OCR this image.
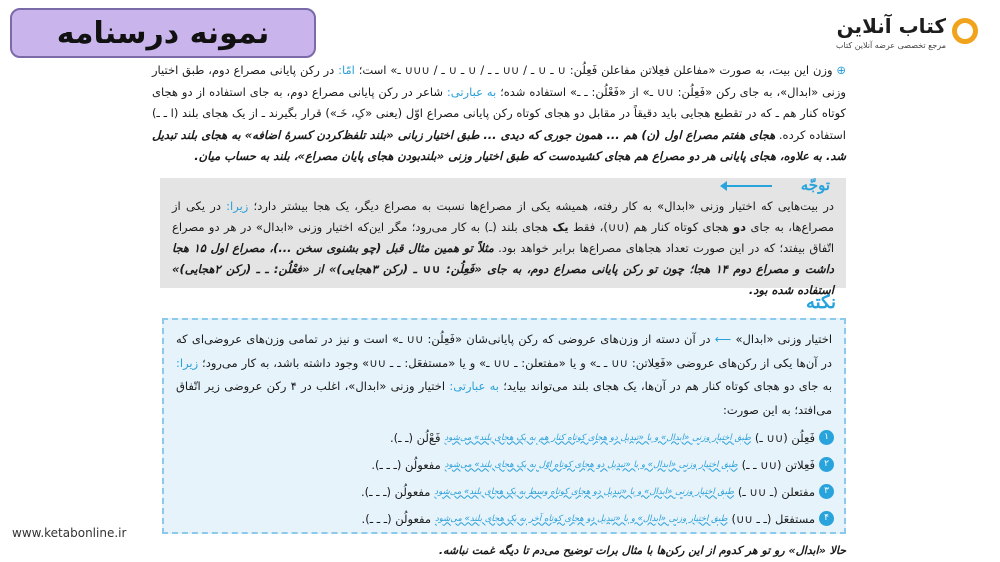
نمونه درسنامه	كتاب آنلاين
مرجع تخصصی عرضه آنلاین کتاب
⊕ وزن این بیت، به صورت «مفاعلن فعِلاتن مفاعلن فَعِلُن: ∪ ـ ∪ ـ / ∪∪ ـ ـ / ∪ ـ ∪ ـ / ∪∪∪ ـ» است؛ امّا: در رکن پایانی مصراع دوم، طبق اختیار وزنی «ابدال»، به جای رکن «فَعِلُن: ∪∪ ـ» از «فَعْلُن: ـ ـ» استفاده شده؛ به عبارتی: شاعر در رکن پایانی مصراع دوم، به جای استفاده از دو هجای کوتاه کنار هم ـ که در تقطیع هجایی باید دقیقاً در مقابل دو هجای کوتاه رکن پایانی مصراع اوّل (یعنی «کِ، خَـ») قرار بگیرند ـ از یک هجای بلند (ا ـ ـ) استفاده کرده. هجای هفتم مصراع اول (ن) هم ... همون جوری که دیدی ... طبق اختیار زبانی «بلند تلفظ‌کردن کسرهٔ اضافه» به هجای بلند تبدیل شد. به علاوه، هجای پایانی هر دو مصراع هم هجای کشیده‌ست که طبق اختیار وزنی «بلندبودن هجای پایان مصراع»، بلند به حساب میان.
توجّه
در بیت‌هایی که اختیار وزنی «ابدال» به کار رفته، همیشه یکی از مصراع‌ها نسبت به مصراع دیگر، یک هجا بیشتر دارد؛ زیرا: در یکی از مصراع‌ها، به جای دو هجای کوتاه کنار هم (∪∪)، فقط یک هجای بلند (ـ) به کار می‌رود؛ مگر این‌که اختیار وزنی «ابدال» در هر دو مصراع اتّفاق بیفتد؛ که در این صورت تعداد هجاهای مصراع‌ها برابر خواهد بود. مثلاً تو همین مثال قبل (چو بشنوی سخن ...)، مصراع اول ۱۵ هجا داشت و مصراع دوم ۱۴ هجا؛ چون تو رکن پایانی مصراع دوم، به جای «فَعِلُن: ∪∪ ـ (رکن ۳هجایی)» از «فعْلُن: ـ ـ (رکن ۲هجایی)» استفاده شده بود.
نکته
اختیار وزنی «ابدال» ⟵ در آن دسته از وزن‌های عروضی که رکن پایانی‌شان «فَعِلُن: ∪∪ ـ» است و نیز در تمامی وزن‌های عروضی‌ای که در آن‌ها یکی از رکن‌های عروضی «فَعِلاتن: ∪∪ ـ ـ» و یا «مفتعلن: ـ ∪∪ ـ» و یا «مستفعَل: ـ ـ ∪∪» وجود داشته باشد، به کار می‌رود؛ زیرا: به جای دو هجای کوتاه کنار هم در آن‌ها، یک هجای بلند می‌تواند بیاید؛ به عبارتی: اختیار وزنی «ابدال»، اغلب در ۴ رکن عروضی زیر اتّفاق می‌افتد؛ به این صورت:
۱
فَعِلُن (∪∪ ـ)
طبق اختیار وزنی «ابدال» و با «تبدیل دو هجای کوتاه کنار هم به یک هجای بلند» می‌شود
فَعْ‌لُن (ـ ـ).
۲
فَعِلاتن (∪∪ ـ ـ)
طبق اختیار وزنی «ابدال» و با «تبدیل دو هجای کوتاه اوّل به یک هجای بلند» می‌شود
مفعولُن (ـ ـ ـ).
۳
مفتعلن (ـ ∪∪ ـ)
طبق اختیار وزنی «ابدال» و با «تبدیل دو هجای کوتاه وسط به یک هجای بلند» می‌شود
مفعولُن (ـ ـ ـ).
۴
مستفعَل (ـ ـ ∪∪)
طبق اختیار وزنی «ابدال» و با «تبدیل دو هجای کوتاه آخر به یک هجای بلند» می‌شود
مفعولُن (ـ ـ ـ).
حالا «ابدال» رو تو هر کدوم از این رکن‌ها با مثال برات توضیح می‌دم تا دیگه غمت نباشه.
www.ketabonline.ir
